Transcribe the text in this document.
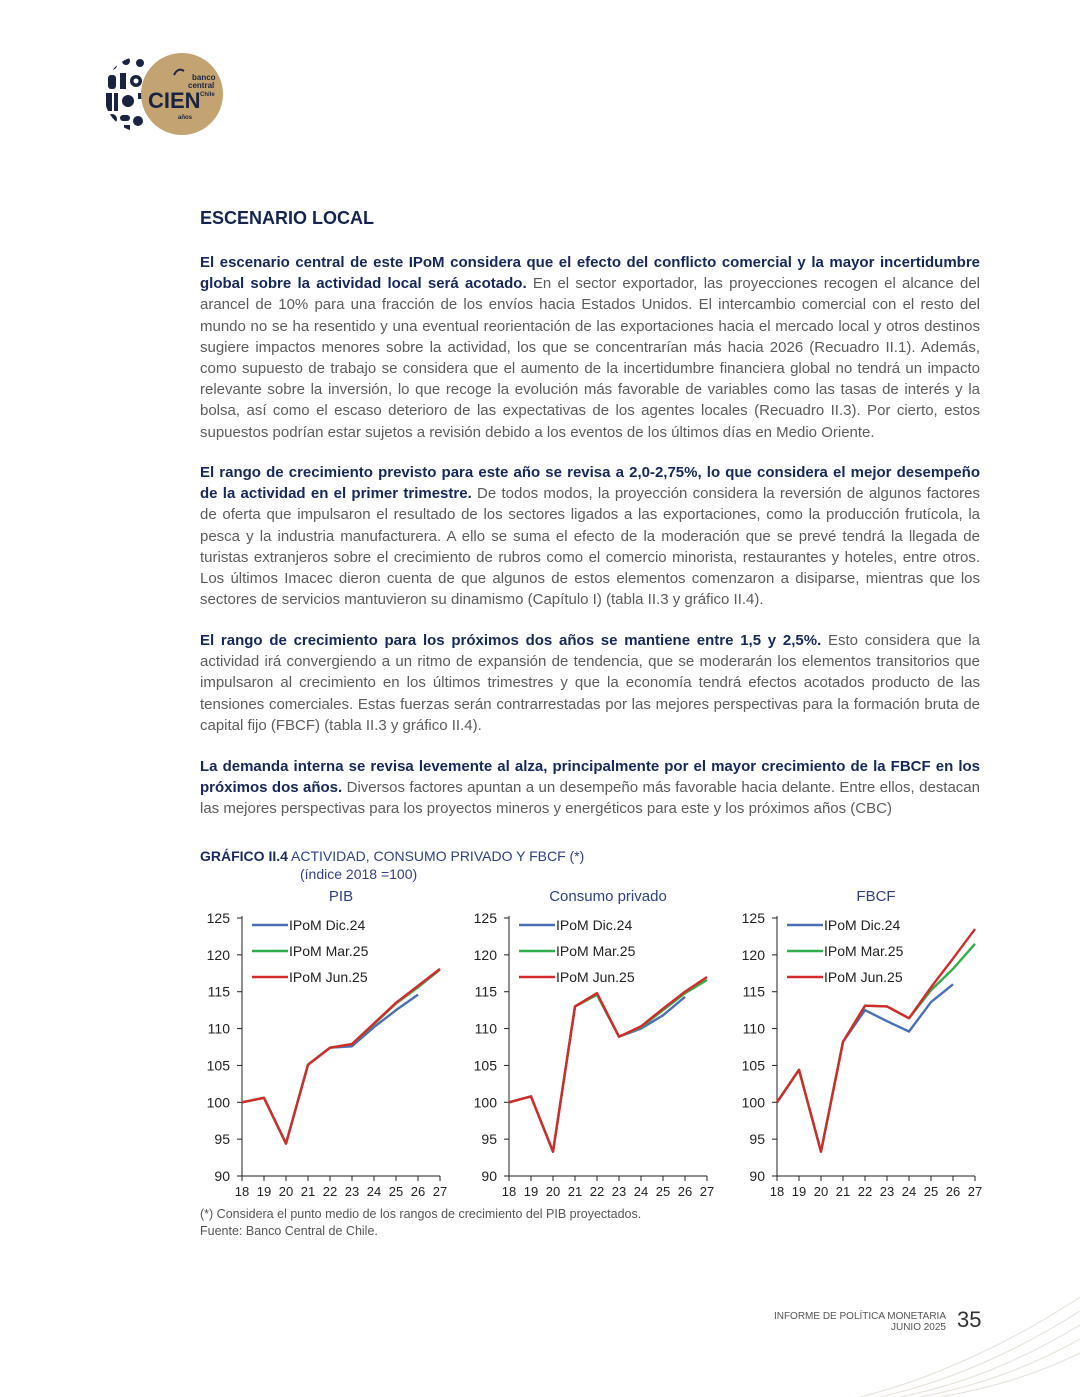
CIEN
banco
central
Chile
años
ESCENARIO LOCAL
El escenario central de este IPoM considera que el efecto del conflicto comercial y la mayor incertidumbre global sobre la actividad local será acotado. En el sector exportador, las proyecciones recogen el alcance del arancel de 10% para una fracción de los envíos hacia Estados Unidos. El intercambio comercial con el resto del mundo no se ha resentido y una eventual reorientación de las exportaciones hacia el mercado local y otros destinos sugiere impactos menores sobre la actividad, los que se concentrarían más hacia 2026 (Recuadro II.1). Además, como supuesto de trabajo se considera que el aumento de la incertidumbre financiera global no tendrá un impacto relevante sobre la inversión, lo que recoge la evolución más favorable de variables como las tasas de interés y la bolsa, así como el escaso deterioro de las expectativas de los agentes locales (Recuadro II.3). Por cierto, estos supuestos podrían estar sujetos a revisión debido a los eventos de los últimos días en Medio Oriente.
El rango de crecimiento previsto para este año se revisa a 2,0-2,75%, lo que considera el mejor desempeño de la actividad en el primer trimestre. De todos modos, la proyección considera la reversión de algunos factores de oferta que impulsaron el resultado de los sectores ligados a las exportaciones, como la producción frutícola, la pesca y la industria manufacturera. A ello se suma el efecto de la moderación que se prevé tendrá la llegada de turistas extranjeros sobre el crecimiento de rubros como el comercio minorista, restaurantes y hoteles, entre otros. Los últimos Imacec dieron cuenta de que algunos de estos elementos comenzaron a disiparse, mientras que los sectores de servicios mantuvieron su dinamismo (Capítulo I) (tabla II.3 y gráfico II.4).
El rango de crecimiento para los próximos dos años se mantiene entre 1,5 y 2,5%. Esto considera que la actividad irá convergiendo a un ritmo de expansión de tendencia, que se moderarán los elementos transitorios que impulsaron al crecimiento en los últimos trimestres y que la economía tendrá efectos acotados producto de las tensiones comerciales. Estas fuerzas serán contrarrestadas por las mejores perspectivas para la formación bruta de capital fijo (FBCF) (tabla II.3 y gráfico II.4).
La demanda interna se revisa levemente al alza, principalmente por el mayor crecimiento de la FBCF en los próximos dos años. Diversos factores apuntan a un desempeño más favorable hacia delante. Entre ellos, destacan las mejores perspectivas para los proyectos mineros y energéticos para este y los próximos años (CBC)
GRÁFICO II.4 ACTIVIDAD, CONSUMO PRIVADO Y FBCF (*)
(índice 2018 =100)
PIB
90
95
100
105
110
115
120
125
18 19 20 21 22 23 24 25 26 27
IPoM Dic.24
IPoM Mar.25
IPoM Jun.25
Consumo privado
90
95
100
105
110
115
120
125
18 19 20 21 22 23 24 25 26 27
IPoM Dic.24
IPoM Mar.25
IPoM Jun.25
FBCF
90
95
100
105
110
115
120
125
18 19 20 21 22 23 24 25 26 27
IPoM Dic.24
IPoM Mar.25
IPoM Jun.25
(*) Considera el punto medio de los rangos de crecimiento del PIB proyectados.
Fuente: Banco Central de Chile.
INFORME DE POLÍTICA MONETARIA
JUNIO 2025 35
